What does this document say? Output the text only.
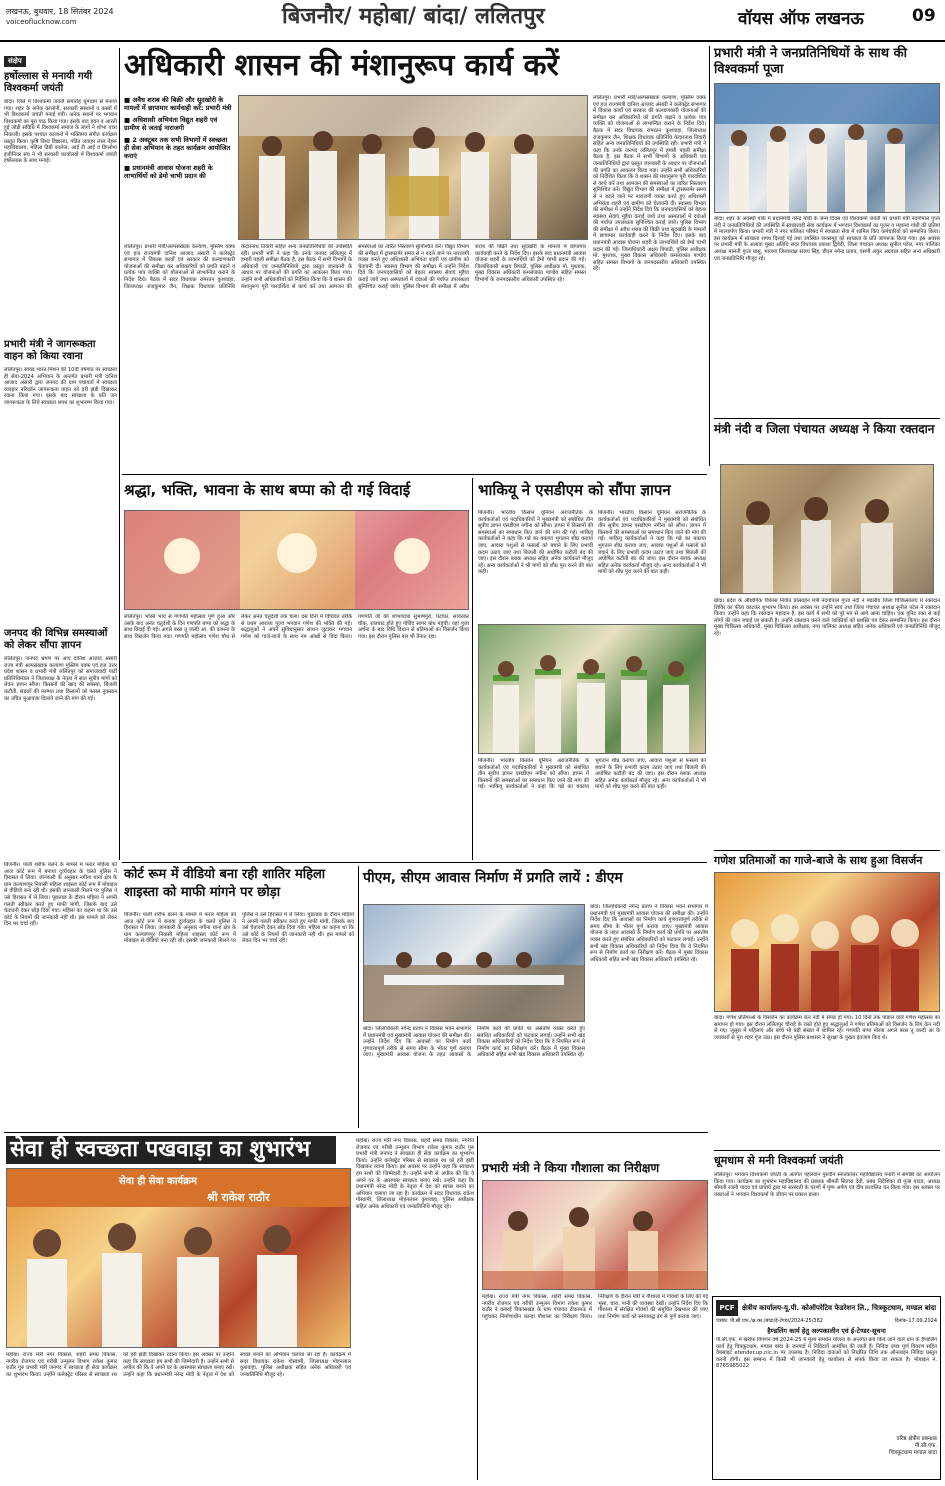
लखनऊ, बुधवार, 18 सितंबर 2024
voiceoflucknow.com	बिजनौर/ महोबा/ बांदा/ ललितपुर	वॉयस ऑफ लखनऊ	09
संक्षेप
हर्षोल्लास से मनायी गयी विश्वकर्मा जयंती
बांदा। जिले में विश्वकर्मा जयंती समारोह धूमधाम से मनाया गया। शहर के अनेक कालोनी, सरकारी संस्थानों व कस्बों में भी विश्वकर्मा जयंती मनाई गयी। अनेक स्थानों पर भगवान विश्वकर्मा का पूरा पाठ किया गया। इसके बाद हवन व आरती हुई जोड़ी संविधि में विश्वकर्मा समाज के लागों ने शोभा यात्रा निकाली। इसके पश्चात कालानो में भक्तिमय संगीत कार्यक्रम प्रस्तुत किया। कृषि विश्व विद्यालय, पंडित जवाहर लाल नेहरू महाविद्यालय, महिला डिग्री कालेज, आई टी आई व डिप्लोमा इंजीनियर संघ ने भी सरकारी कार्यालयों में विश्वकर्मा जयंती हर्षोल्लास के साथ मनाई।
प्रभारी मंत्री ने जागरूकता वाहन को किया रवाना
ललितपुर। स्वच्छ भारत मिशन की 10वीं वर्षगांठ पर स्वच्छता ही सेवा-2024 अभियान के अन्तर्गत प्रभारी मंत्री दानिश आजाद अंसारी द्वारा जनपद की ग्राम पंचायतों में स्वच्छता व्यवहार परिवर्तन जागरूकता वाहन को हरी झंडी दिखाकर रवाना किया गया। इसके बाद स्वच्छता के प्रति जन जागरूकता के लिये स्वच्छता शपथ का शुभारम्भ किया गया।
जनपद की विभिन्न समस्याओं को लेकर सौंपा ज्ञापन
ललितपुर। जनपद भ्रमण पर आए दानिश आजाद अंसारी राज्य मंत्री अल्पसंख्यक कल्याण मुस्लिम वक्फ एवं हज उत्तर प्रदेश शासन व प्रभारी मंत्री ललितपुर को समाजवादी पार्टी प्रतिनिधिमंडल ने जिलाध्यक्ष के नेतृत्व में सात सूत्रीय मांगों को लेकर ज्ञापन सौंपा। किसानों की खाद की समस्या, बिजली कटौती, सड़कों की मरम्मत तथा किसानों को फसल नुकसान का उचित मुआवजा दिलाये जाने की मांग की गई।
अधिकारी शासन की मंशानुरूप कार्य करें
■ अवैध शराब की बिक्री और सूदखोरी के मामलों में छापामार कार्यवाही करें: प्रभारी मंत्री
■ अधिशासी अभियंता विद्युत शहरी एवं ग्रामीण से जताई नाराजगी
■ 2 अक्टूबर तक सभी विभागों में स्वच्छता ही सेवा अभियान के तहत कार्यक्रम आयोजित कराएं
■ प्रधानमंत्री आवास योजना शहरी के लाभार्थियों को डेमो चाभी प्रदान की
ललितपुर। प्रभारी मंत्री/अल्पसंख्यक कल्याण, मुस्लिम वक्फ एवं हज राज्यमंत्री दानिश आजाद अंसारी ने कलेक्ट्रेट सभागार में विकास कार्यों एवं सरकार की कल्याणकारी योजनाओं की समीक्षा कर अधिकारियों को प्रगति बढ़ाने व प्रत्येक पात्र व्यक्ति को योजनाओं से लाभान्वित कराने के निर्देश दिये। बैठक में सदर विधायक रामरतन कुशवाहा, जिलाध्यक्ष राजकुमार जैन, शिक्षक विधायक प्रतिनिधि केदारनाथ तिवारी सहित अन्य जनप्रतिनिधियों की उपस्थिति रही। प्रभारी मंत्री ने कहा कि उनके जनपद ललितपुर में हमारी पहली समीक्षा बैठक है, इस बैठक में सभी विभागों के अधिकारी एवं जनप्रतिनिधियों द्वारा प्रस्तुत जानकारी के आधार पर योजनाओं की प्रगति का आकलन किया गया। उन्होंने सभी अधिकारियों को निर्देशित किया कि वे शासन की मंशानुरूप पूरी पारदर्शिता से कार्य करें तथा आमजन की समस्याओं का त्वरित निस्तारण सुनिश्चित करें। विद्युत विभाग की समीक्षा में ट्रांसफार्मर समय से न बदले जाने पर नाराजगी व्यक्त करते हुए अधिशासी अभियंता शहरी एवं ग्रामीण को चेतावनी दी। स्वास्थ्य विभाग की समीक्षा में उन्होंने निर्देश दिये कि जनपदवासियों को बेहतर स्वास्थ्य सेवाएं मुहैया कराई जायें तथा अस्पतालों में दवाओं की पर्याप्त उपलब्धता सुनिश्चित कराई जाये। पुलिस विभाग की समीक्षा में अवैध शराब की बिक्री तथा सूदखोरी के मामलों में छापामार कार्यवाही करने के निर्देश दिए। इसके बाद प्रधानमंत्री आवास योजना शहरी के लाभार्थियों को डेमो चाभी प्रदान की गई। जिलाधिकारी अक्षय त्रिपाठी, पुलिस अधीक्षक मो. मुश्ताक, मुख्य विकास अधिकारी कमलाकांत पाण्डेय सहित समस्त विभागों के जनपदस्तरीय अधिकारी उपस्थित रहे।
ललितपुर। प्रभारी मंत्री/अल्पसंख्यक कल्याण, मुस्लिम वक्फ एवं हज राज्यमंत्री दानिश आजाद अंसारी ने कलेक्ट्रेट सभागार में विकास कार्यों एवं सरकार की कल्याणकारी योजनाओं की समीक्षा कर अधिकारियों को प्रगति बढ़ाने व प्रत्येक पात्र व्यक्ति को योजनाओं से लाभान्वित कराने के निर्देश दिये। बैठक में सदर विधायक रामरतन कुशवाहा, जिलाध्यक्ष राजकुमार जैन, शिक्षक विधायक प्रतिनिधि केदारनाथ तिवारी सहित अन्य जनप्रतिनिधियों की उपस्थिति रही। प्रभारी मंत्री ने कहा कि उनके जनपद ललितपुर में हमारी पहली समीक्षा बैठक है, इस बैठक में सभी विभागों के अधिकारी एवं जनप्रतिनिधियों द्वारा प्रस्तुत जानकारी के आधार पर योजनाओं की प्रगति का आकलन किया गया। उन्होंने सभी अधिकारियों को निर्देशित किया कि वे शासन की मंशानुरूप पूरी पारदर्शिता से कार्य करें तथा आमजन की समस्याओं का त्वरित निस्तारण सुनिश्चित करें। विद्युत विभाग की समीक्षा में ट्रांसफार्मर समय से न बदले जाने पर नाराजगी व्यक्त करते हुए अधिशासी अभियंता शहरी एवं ग्रामीण को चेतावनी दी। स्वास्थ्य विभाग की समीक्षा में उन्होंने निर्देश दिये कि जनपदवासियों को बेहतर स्वास्थ्य सेवाएं मुहैया कराई जायें तथा अस्पतालों में दवाओं की पर्याप्त उपलब्धता सुनिश्चित कराई जाये। पुलिस विभाग की समीक्षा में अवैध शराब की बिक्री तथा सूदखोरी के मामलों में छापामार कार्यवाही करने के निर्देश दिए। इसके बाद प्रधानमंत्री आवास योजना शहरी के लाभार्थियों को डेमो चाभी प्रदान की गई। जिलाधिकारी अक्षय त्रिपाठी, पुलिस अधीक्षक मो. मुश्ताक, मुख्य विकास अधिकारी कमलाकांत पाण्डेय सहित समस्त विभागों के जनपदस्तरीय अधिकारी उपस्थित रहे।
प्रभारी मंत्री ने जनप्रतिनिधियों के साथ की विश्वकर्मा पूजा
बांदा। शहर के अवस्थी पार्क में प्रधानमंत्री नरेन्द्र मोदी के जन्म दिवस एवं विश्वकर्मा जयंती पर प्रभारी मंत्री नंदगोपाल गुप्ता नंदी ने जनप्रतिनिधियों की उपस्थिति में स्वच्छताही सेवा कार्यक्रम में भगवान विश्वकर्मा का पूजन व महात्मा गांधी की प्रतिमा में माल्यार्पण किया। प्रभारी मंत्री ने नगर पालिका परिषद में स्वच्छता सेवा में शामिल किए कर्मचारियों को सम्मानित किया। इस कार्यक्रम में स्वच्छता शपथ दिलाई गई तथा उपस्थित जनसमूह को स्वच्छता के प्रति जागरूक किया गया। इस अवसर पर प्रभारी मंत्री के अलावा मुख्य अतिथि सदर विधायक प्रकाश द्विवेदी, जिला पंचायत अध्यक्ष सुनील पटेल, नगर पालिका अध्यक्ष मालती गुप्ता बासू, भाजपा जिलाध्यक्ष संजय सिंह, डीएम नगेन्द्र प्रताप, एसपी अंकुर अग्रवाल सहित अन्य अधिकारी एवं जनप्रतिनिधि मौजूद रहे।
मंत्री नंदी व जिला पंचायत अध्यक्ष ने किया रक्तदान
बांदा। प्रदेश के औद्योगिक विकास निर्यात प्रोत्साहन मंत्री नंदगोपाल गुप्ता नंदी ने मंडलीय जिला चिकित्सालय में रक्तदान शिविर का फीता काटकर शुभारंभ किया। इस अवसर पर उन्होंने स्वयं तथा जिला पंचायत अध्यक्ष सुनील पटेल ने रक्तदान किया। उन्होंने कहा कि रक्तदान महादान है, इस कार्य में सभी को पूरे मन से आगे आना चाहिए। एक यूनिट रक्त से कई लोगों की जान बचाई जा सकती है। उन्होंने रक्तदान करने वाले व्यक्तियों को प्रशस्ति पत्र देकर सम्मानित किया। इस दौरान मुख्य चिकित्सा अधिकारी, मुख्य चिकित्सा अधीक्षक, नगर पालिका अध्यक्ष सहित अनेक अधिकारी एवं जनप्रतिनिधि मौजूद रहे।
गणेश प्रतिमाओं का गाजे-बाजे के साथ हुआ विसर्जन
बांदा। गणेश प्रतिमाओं के विसर्जन का कार्यक्रम केन नदी में संपन्न हो गया। 10 दिनों तक पांडाल वाले गणेश महोत्सव का समापन हो गया। इस दौरान ललितपुर चौराहे के रास्ते होते हुए श्रद्धालुओं ने गणेश प्रतिमाओं को विसर्जन के लिए केन नदी ले गए। जुलूस में महिलाएं और बच्चे भी बड़ी संख्या में शामिल रहे। गणपति बप्पा मोरया अगले बरस तू जल्दी आ के जयकारों से पूरा शहर गूंज उठा। इस दौरान पुलिस प्रशासन ने सुरक्षा के पुख्ता इंतजाम किए थे।
धूमधाम से मनी विश्वकर्मा जयंती
ललितपुर। भगवान विश्वकर्मा जयंती के अंतर्गत पहलवान गुरुदीन स्नातकोत्तर महाविद्यालय पनारी में संगोष्ठी का आयोजन किया गया। कार्यक्रम का शुभारंभ महाविद्यालय की प्रबंधक श्रीमती सितारा देवी, प्रबंध निदेशिका डॉ पूजा यादव, अध्यक्ष श्रीमती रजनी यादव एवं प्राचार्य द्वारा मां सरस्वती के चरणों में पुष्प अर्पण एवं दीप प्रज्वलित कर किया गया। इस अवसर पर वक्ताओं ने भगवान विश्वकर्मा के जीवन पर प्रकाश डाला।
श्रद्धा, भक्ति, भावना के साथ बप्पा को दी गई विदाई
ललितपुर। भक्ति भाव से गणपति महोत्सव पूर्ण हुआ और उसके बाद अनंत चतुर्दशी के दिन गणपति बप्पा को श्रद्धा के साथ विदाई दी गई। अगले बरस तू जल्दी आ, की कामना के साथ विसर्जन किया गया। गणपति महोत्सव गणेश चौथ से लेकर अनंत चतुर्दशी तक चला। दस दिनों में विधिवत तरीके से प्रथम आराध्य पूज्य भगवान गणेश की भक्ति की गई। श्रद्धालुओं ने अपने सुविधानुसार साधन जुटाकर भगवान गणेश को गाजे-बाजे के साथ नम आंखों से विदा किया। गणपति जी की शोभायात्रा सुभाषपुरा, घंटाघर, सावरकर चौक, राजघाट होते हुए गोविंद सागर बांध पहुंची। यहां पूजा अर्चना के बाद विधि विधान से प्रतिमाओं का विसर्जन किया गया। इस दौरान पुलिस बल भी तैनात रहा।
भाकियू ने एसडीएम को सौंपा ज्ञापन
बिजनौर। भारतीय किसान यूनियन अराजनैतिक के कार्यकर्ताओं एवं पदाधिकारियों ने मुख्यमंत्री को संबोधित तीन सूत्रीय ज्ञापन एसडीएम नगीना को सौंपा। ज्ञापन में किसानों की समस्याओं का समाधान किए जाने की मांग की गई। भाकियू कार्यकर्ताओं ने कहा कि गन्ने का बकाया भुगतान शीघ्र कराया जाए, आवारा पशुओं से फसलों को बचाने के लिए प्रभावी कदम उठाए जाएं तथा बिजली की अघोषित कटौती बंद की जाए। इस दौरान ब्लाक अध्यक्ष सहित अनेक कार्यकर्ता मौजूद रहे। अन्य कार्यकर्ताओं ने भी मांगों को शीघ्र पूरा करने की बात कही।
बिजनौर। भारतीय किसान यूनियन अराजनैतिक के कार्यकर्ताओं एवं पदाधिकारियों ने मुख्यमंत्री को संबोधित तीन सूत्रीय ज्ञापन एसडीएम नगीना को सौंपा। ज्ञापन में किसानों की समस्याओं का समाधान किए जाने की मांग की गई। भाकियू कार्यकर्ताओं ने कहा कि गन्ने का बकाया भुगतान शीघ्र कराया जाए, आवारा पशुओं से फसलों को बचाने के लिए प्रभावी कदम उठाए जाएं तथा बिजली की अघोषित कटौती बंद की जाए। इस दौरान ब्लाक अध्यक्ष सहित अनेक कार्यकर्ता मौजूद रहे। अन्य कार्यकर्ताओं ने भी मांगों को शीघ्र पूरा करने की बात कही।
बिजनौर। भारतीय किसान यूनियन अराजनैतिक के कार्यकर्ताओं एवं पदाधिकारियों ने मुख्यमंत्री को संबोधित तीन सूत्रीय ज्ञापन एसडीएम नगीना को सौंपा। ज्ञापन में किसानों की समस्याओं का समाधान किए जाने की मांग की गई। भाकियू कार्यकर्ताओं ने कहा कि गन्ने का बकाया भुगतान शीघ्र कराया जाए, आवारा पशुओं से फसलों को बचाने के लिए प्रभावी कदम उठाए जाएं तथा बिजली की अघोषित कटौती बंद की जाए। इस दौरान ब्लाक अध्यक्ष सहित अनेक कार्यकर्ता मौजूद रहे। अन्य कार्यकर्ताओं ने भी मांगों को शीघ्र पूरा करने की बात कही।
कोर्ट रूम में वीडियो बना रही शातिर महिला शाइस्ता को माफी मांगने पर छोड़ा
बिजनौर। पाली शरीफ बलने के मामले में फरार महिला को आज कोर्ट रूम में बनाया दुर्व्यवहार के चलते पुलिस ने हिरासत में लिया। जानकारी के अनुसार नगीना थाना क्षेत्र के ग्राम कल्याणपुर निवासी महिला शाइस्ता कोर्ट रूम में मोबाइल से वीडियो बना रही थी। इसकी जानकारी मिलने पर पुलिस ने उसे हिरासत में ले लिया। पूछताछ के दौरान महिला ने अपनी गलती स्वीकार करते हुए माफी मांगी, जिसके बाद उसे चेतावनी देकर छोड़ दिया गया। महिला का कहना था कि उसे कोर्ट के नियमों की जानकारी नहीं थी। इस मामले को लेकर दिन भर चर्चा रही।
बिजनौर। पाली शरीफ बलने के मामले में फरार महिला को आज कोर्ट रूम में बनाया दुर्व्यवहार के चलते पुलिस ने हिरासत में लिया। जानकारी के अनुसार नगीना थाना क्षेत्र के ग्राम कल्याणपुर निवासी महिला शाइस्ता कोर्ट रूम में मोबाइल से वीडियो बना रही थी। इसकी जानकारी मिलने पर पुलिस ने उसे हिरासत में ले लिया। पूछताछ के दौरान महिला ने अपनी गलती स्वीकार करते हुए माफी मांगी, जिसके बाद उसे चेतावनी देकर छोड़ दिया गया। महिला का कहना था कि उसे कोर्ट के नियमों की जानकारी नहीं थी। इस मामले को लेकर दिन भर चर्चा रही।
पीएम, सीएम आवास निर्माण में प्रगति लायें : डीएम
बांदा। जिलाधिकारी नगेन्द्र प्रताप ने विकास भवन सभागार में प्रधानमंत्री एवं मुख्यमंत्री आवास योजना की समीक्षा की। उन्होंने निर्देश दिए कि आवासों का निर्माण कार्य गुणवत्तापूर्ण तरीके से समय सीमा के भीतर पूर्ण कराया जाए। मुख्यमंत्री आवास योजना के तहत आवासों के निर्माण कार्य की प्रगति पर असंतोष व्यक्त करते हुए संबंधित अधिकारियों को फटकार लगाई। उन्होंने सभी खंड विकास अधिकारियों को निर्देश दिया कि वे नियमित रूप से निर्माण कार्य का निरीक्षण करें। बैठक में मुख्य विकास अधिकारी सहित सभी खंड विकास अधिकारी उपस्थित रहे।
बांदा। जिलाधिकारी नगेन्द्र प्रताप ने विकास भवन सभागार में प्रधानमंत्री एवं मुख्यमंत्री आवास योजना की समीक्षा की। उन्होंने निर्देश दिए कि आवासों का निर्माण कार्य गुणवत्तापूर्ण तरीके से समय सीमा के भीतर पूर्ण कराया जाए। मुख्यमंत्री आवास योजना के तहत आवासों के निर्माण कार्य की प्रगति पर असंतोष व्यक्त करते हुए संबंधित अधिकारियों को फटकार लगाई। उन्होंने सभी खंड विकास अधिकारियों को निर्देश दिया कि वे नियमित रूप से निर्माण कार्य का निरीक्षण करें। बैठक में मुख्य विकास अधिकारी सहित सभी खंड विकास अधिकारी उपस्थित रहे।
सेवा ही स्वच्छता पखवाड़ा का शुभारंभ
सेवा ही सेवा कार्यक्रम
श्री राकेश राठौर
महोबा। राज्य मंत्री नगर विकास, शहरी समग्र विकास, नगरीय रोजगार एवं गरीबी उन्मूलन विभाग राकेश कुमार राठौर गुरु प्रभारी मंत्री जनपद ने स्वच्छता ही सेवा कार्यक्रम का शुभारंभ किया। उन्होंने कलेक्ट्रेट परिसर से स्वच्छता रथ को हरी झंडी दिखाकर रवाना किया। इस अवसर पर उन्होंने कहा कि स्वच्छता हम सभी की जिम्मेदारी है। उन्होंने सभी से अपील की कि वे अपने घर के आसपास स्वच्छता बनाए रखें। उन्होंने कहा कि प्रधानमंत्री नरेन्द्र मोदी के नेतृत्व में देश को स्वच्छ बनाने का अभियान चलाया जा रहा है। कार्यक्रम में सदर विधायक राकेश गोस्वामी, जिलाध्यक्ष मोहनलाल कुशवाहा, पुलिस अधीक्षक सहित अनेक अधिकारी एवं जनप्रतिनिधि मौजूद रहे।
महोबा। राज्य मंत्री नगर विकास, शहरी समग्र विकास, नगरीय रोजगार एवं गरीबी उन्मूलन विभाग राकेश कुमार राठौर गुरु प्रभारी मंत्री जनपद ने स्वच्छता ही सेवा कार्यक्रम का शुभारंभ किया। उन्होंने कलेक्ट्रेट परिसर से स्वच्छता रथ को हरी झंडी दिखाकर रवाना किया। इस अवसर पर उन्होंने कहा कि स्वच्छता हम सभी की जिम्मेदारी है। उन्होंने सभी से अपील की कि वे अपने घर के आसपास स्वच्छता बनाए रखें। उन्होंने कहा कि प्रधानमंत्री नरेन्द्र मोदी के नेतृत्व में देश को स्वच्छ बनाने का अभियान चलाया जा रहा है। कार्यक्रम में सदर विधायक राकेश गोस्वामी, जिलाध्यक्ष मोहनलाल कुशवाहा, पुलिस अधीक्षक सहित अनेक अधिकारी एवं जनप्रतिनिधि मौजूद रहे।
प्रभारी मंत्री ने किया गौशाला का निरीक्षण
महोबा। राज्य मंत्री नगर विकास, शहरी समग्र विकास, नगरीय रोजगार एवं गरीबी उन्मूलन विभाग राकेश कुमार राठौर ने कबरई विकासखंड के ग्राम पंचायत टीकामऊ में पहुंचकर निर्माणाधीन कान्हा गौशाला का निरीक्षण किया। निरीक्षण के दौरान मंत्री ने गौशाला में गोवंशों के लिए की गई भूसा, चारा, पानी की व्यवस्था देखी। उन्होंने निर्देश दिए कि गौशाला में संरक्षित गोवंशों की समुचित देखभाल की जाए तथा निर्माण कार्य को समयबद्ध ढंग से पूर्ण कराया जाए।
PCF	क्षेत्रीय कार्यालय-यू.पी. कोऑपरेटिव फेडरेशन लि., चित्रकूटधाम, मण्डल बांदा
पत्रांक: पी.सी.एफ./क्ष.का./बांदा/ई-टेण्डर/2024-25/382	दिनांक-17.09.2024
हैण्डलिंग कार्य हेतु अल्पकालीन एवं ई-टेण्डर-सूचना
पी.सी.एफ. में खरीफ विपणन वर्ष 2024-25 में मूल्य समर्थन योजना के अन्तर्गत क्रय किये जाने वाले धान के हैण्डलिंग कार्य हेतु चित्रकूटधाम, मण्डल बांदा के जनपदों में निविदायें आमंत्रित की जाती हैं। निविदा प्रपत्र पूर्ण विवरण सहित वेबसाइट etender.up.nic.in पर उपलब्ध है। निविदा दाताओं को निर्धारित तिथि तक ऑनलाइन निविदा प्रस्तुत करनी होगी। इस सम्बन्ध में किसी भी जानकारी हेतु कार्यालय से संपर्क किया जा सकता है। मोबाइल नं. 8765985022
वरिष्ठ क्षेत्रीय प्रबन्धक
पी.सी.एफ.
चित्रकूटधाम मण्डल बांदा
